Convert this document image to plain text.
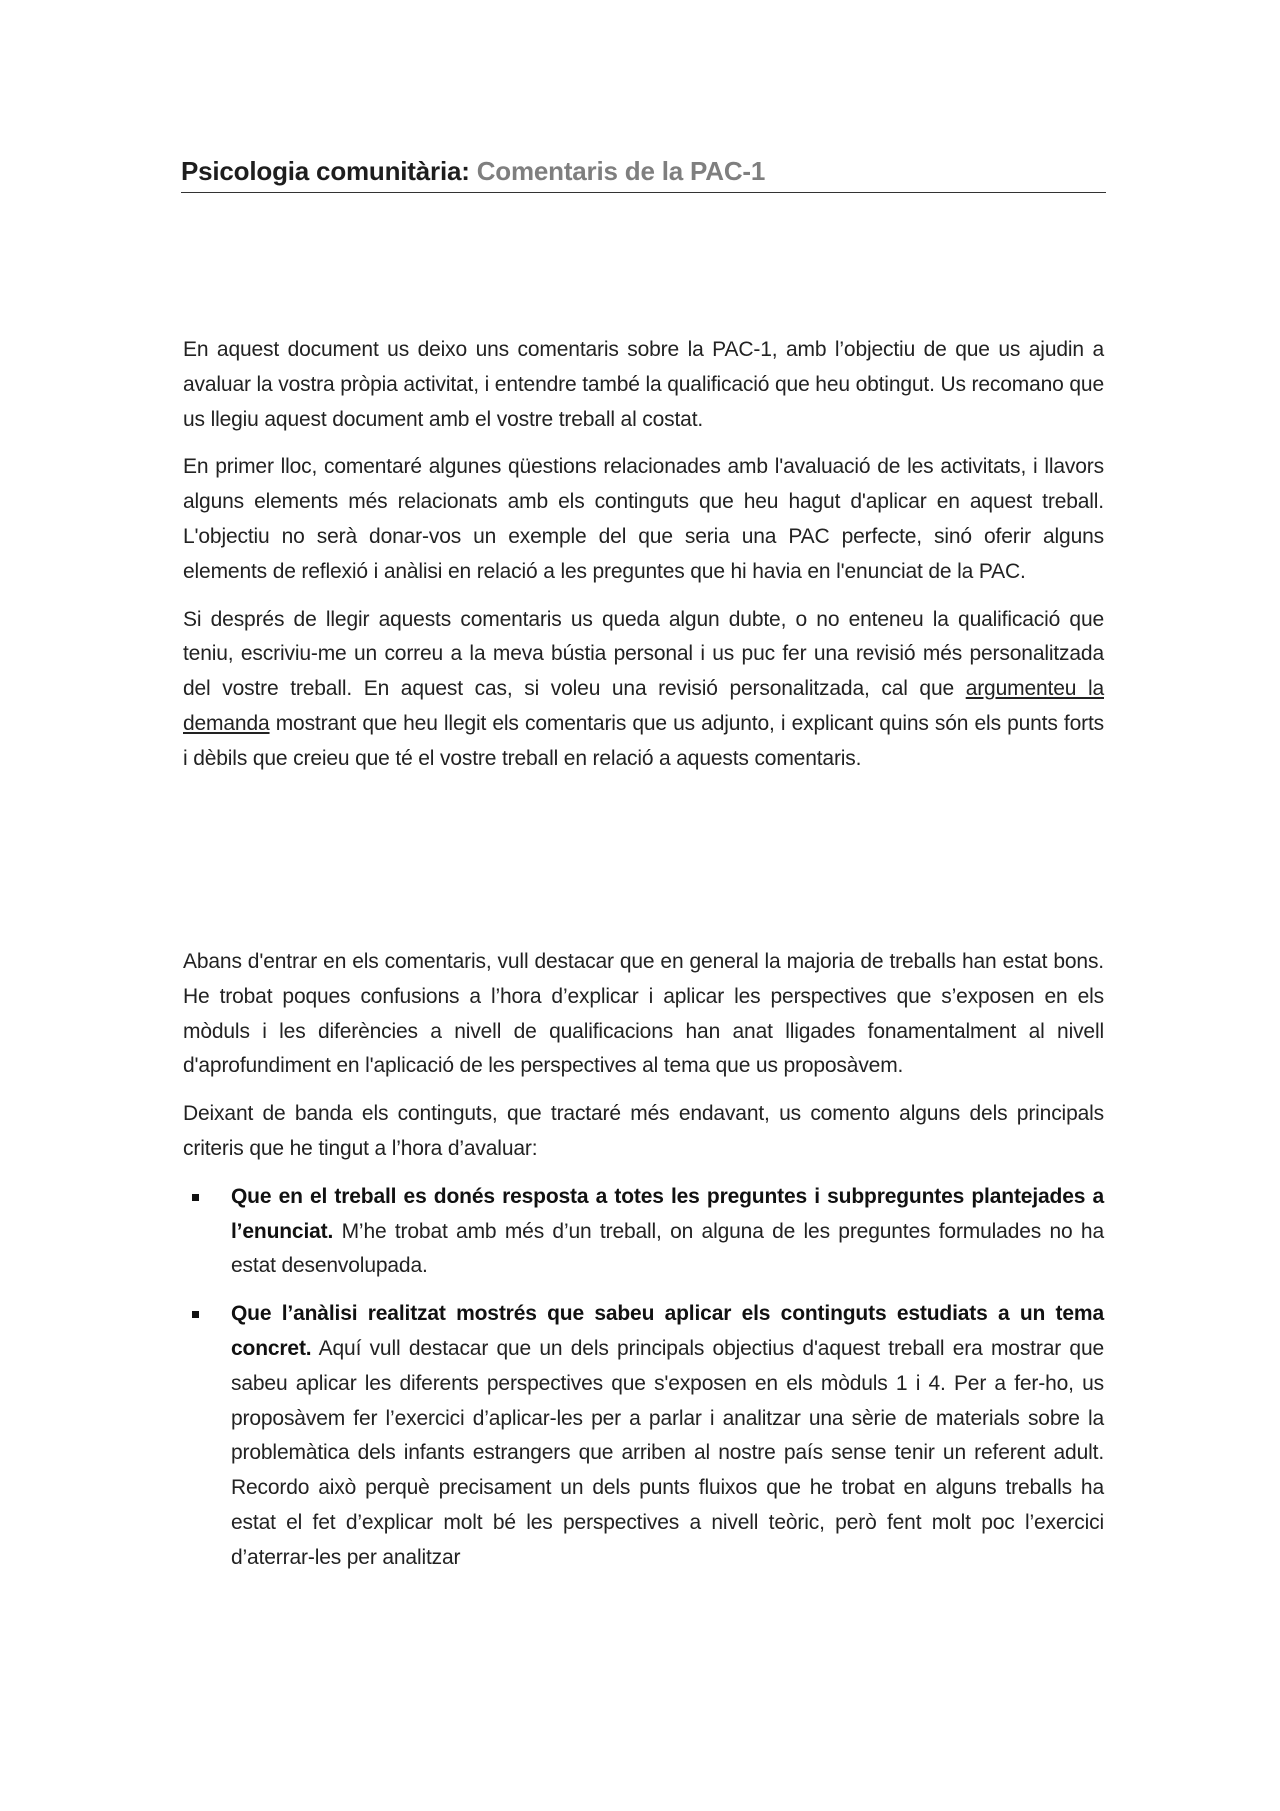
Psicologia comunitària: Comentaris de la PAC-1

En aquest document us deixo uns comentaris sobre la PAC-1, amb l’objectiu de que us ajudin a avaluar la vostra pròpia activitat, i entendre també la qualificació que heu obtingut. Us recomano que us llegiu aquest document amb el vostre treball al costat.

En primer lloc, comentaré algunes qüestions relacionades amb l'avaluació de les activitats, i llavors alguns elements més relacionats amb els continguts que heu hagut d'aplicar en aquest treball. L'objectiu no serà donar-vos un exemple del que seria una PAC perfecte, sinó oferir alguns elements de reflexió i anàlisi en relació a les preguntes que hi havia en l'enunciat de la PAC.

Si després de llegir aquests comentaris us queda algun dubte, o no enteneu la qualificació que teniu, escriviu-me un correu a la meva bústia personal i us puc fer una revisió més personalitzada del vostre treball. En aquest cas, si voleu una revisió personalitzada, cal que argumenteu la demanda mostrant que heu llegit els comentaris que us adjunto, i explicant quins són els punts forts i dèbils que creieu que té el vostre treball en relació a aquests comentaris.

Abans d'entrar en els comentaris, vull destacar que en general la majoria de treballs han estat bons. He trobat poques confusions a l’hora d’explicar i aplicar les perspectives que s’exposen en els mòduls i les diferències a nivell de qualificacions han anat lligades fonamentalment al nivell d'aprofundiment en l'aplicació de les perspectives al tema que us proposàvem.

Deixant de banda els continguts, que tractaré més endavant, us comento alguns dels principals criteris que he tingut a l’hora d’avaluar:

Que en el treball es donés resposta a totes les preguntes i subpreguntes plantejades a l’enunciat. M’he trobat amb més d’un treball, on alguna de les preguntes formulades no ha estat desenvolupada.
Que l’anàlisi realitzat mostrés que sabeu aplicar els continguts estudiats a un tema concret. Aquí vull destacar que un dels principals objectius d'aquest treball era mostrar que sabeu aplicar les diferents perspectives que s'exposen en els mòduls 1 i 4. Per a fer-ho, us proposàvem fer l’exercici d’aplicar-les per a parlar i analitzar una sèrie de materials sobre la problemàtica dels infants estrangers que arriben al nostre país sense tenir un referent adult. Recordo això perquè precisament un dels punts fluixos que he trobat en alguns treballs ha estat el fet d’explicar molt bé les perspectives a nivell teòric, però fent molt poc l’exercici d’aterrar-les per analitzar
